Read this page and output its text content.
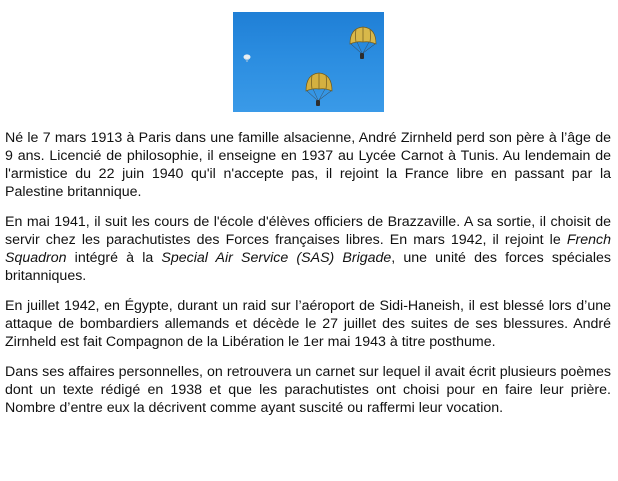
Né le 7 mars 1913 à Paris dans une famille alsacienne, André Zirnheld perd son père à l’âge de 9 ans. Licencié de philosophie, il enseigne en 1937 au Lycée Carnot à Tunis. Au lendemain de l'armistice du 22 juin 1940 qu'il n'accepte pas, il rejoint la France libre en passant par la Palestine britannique.

En mai 1941, il suit les cours de l'école d'élèves officiers de Brazzaville. A sa sortie, il choisit de servir chez les parachutistes des Forces françaises libres. En mars 1942, il rejoint le French Squadron intégré à la Special Air Service (SAS) Brigade, une unité des forces spéciales britanniques.

En juillet 1942, en Égypte, durant un raid sur l’aéroport de Sidi-Haneish, il est blessé lors d’une attaque de bombardiers allemands et décède le 27 juillet des suites de ses blessures. André Zirnheld est fait Compagnon de la Libération le 1er mai 1943 à titre posthume.

Dans ses affaires personnelles, on retrouvera un carnet sur lequel il avait écrit plusieurs poèmes dont un texte rédigé en 1938 et que les parachutistes ont choisi pour en faire leur prière. Nombre d’entre eux la décrivent comme ayant suscité ou raffermi leur vocation.
